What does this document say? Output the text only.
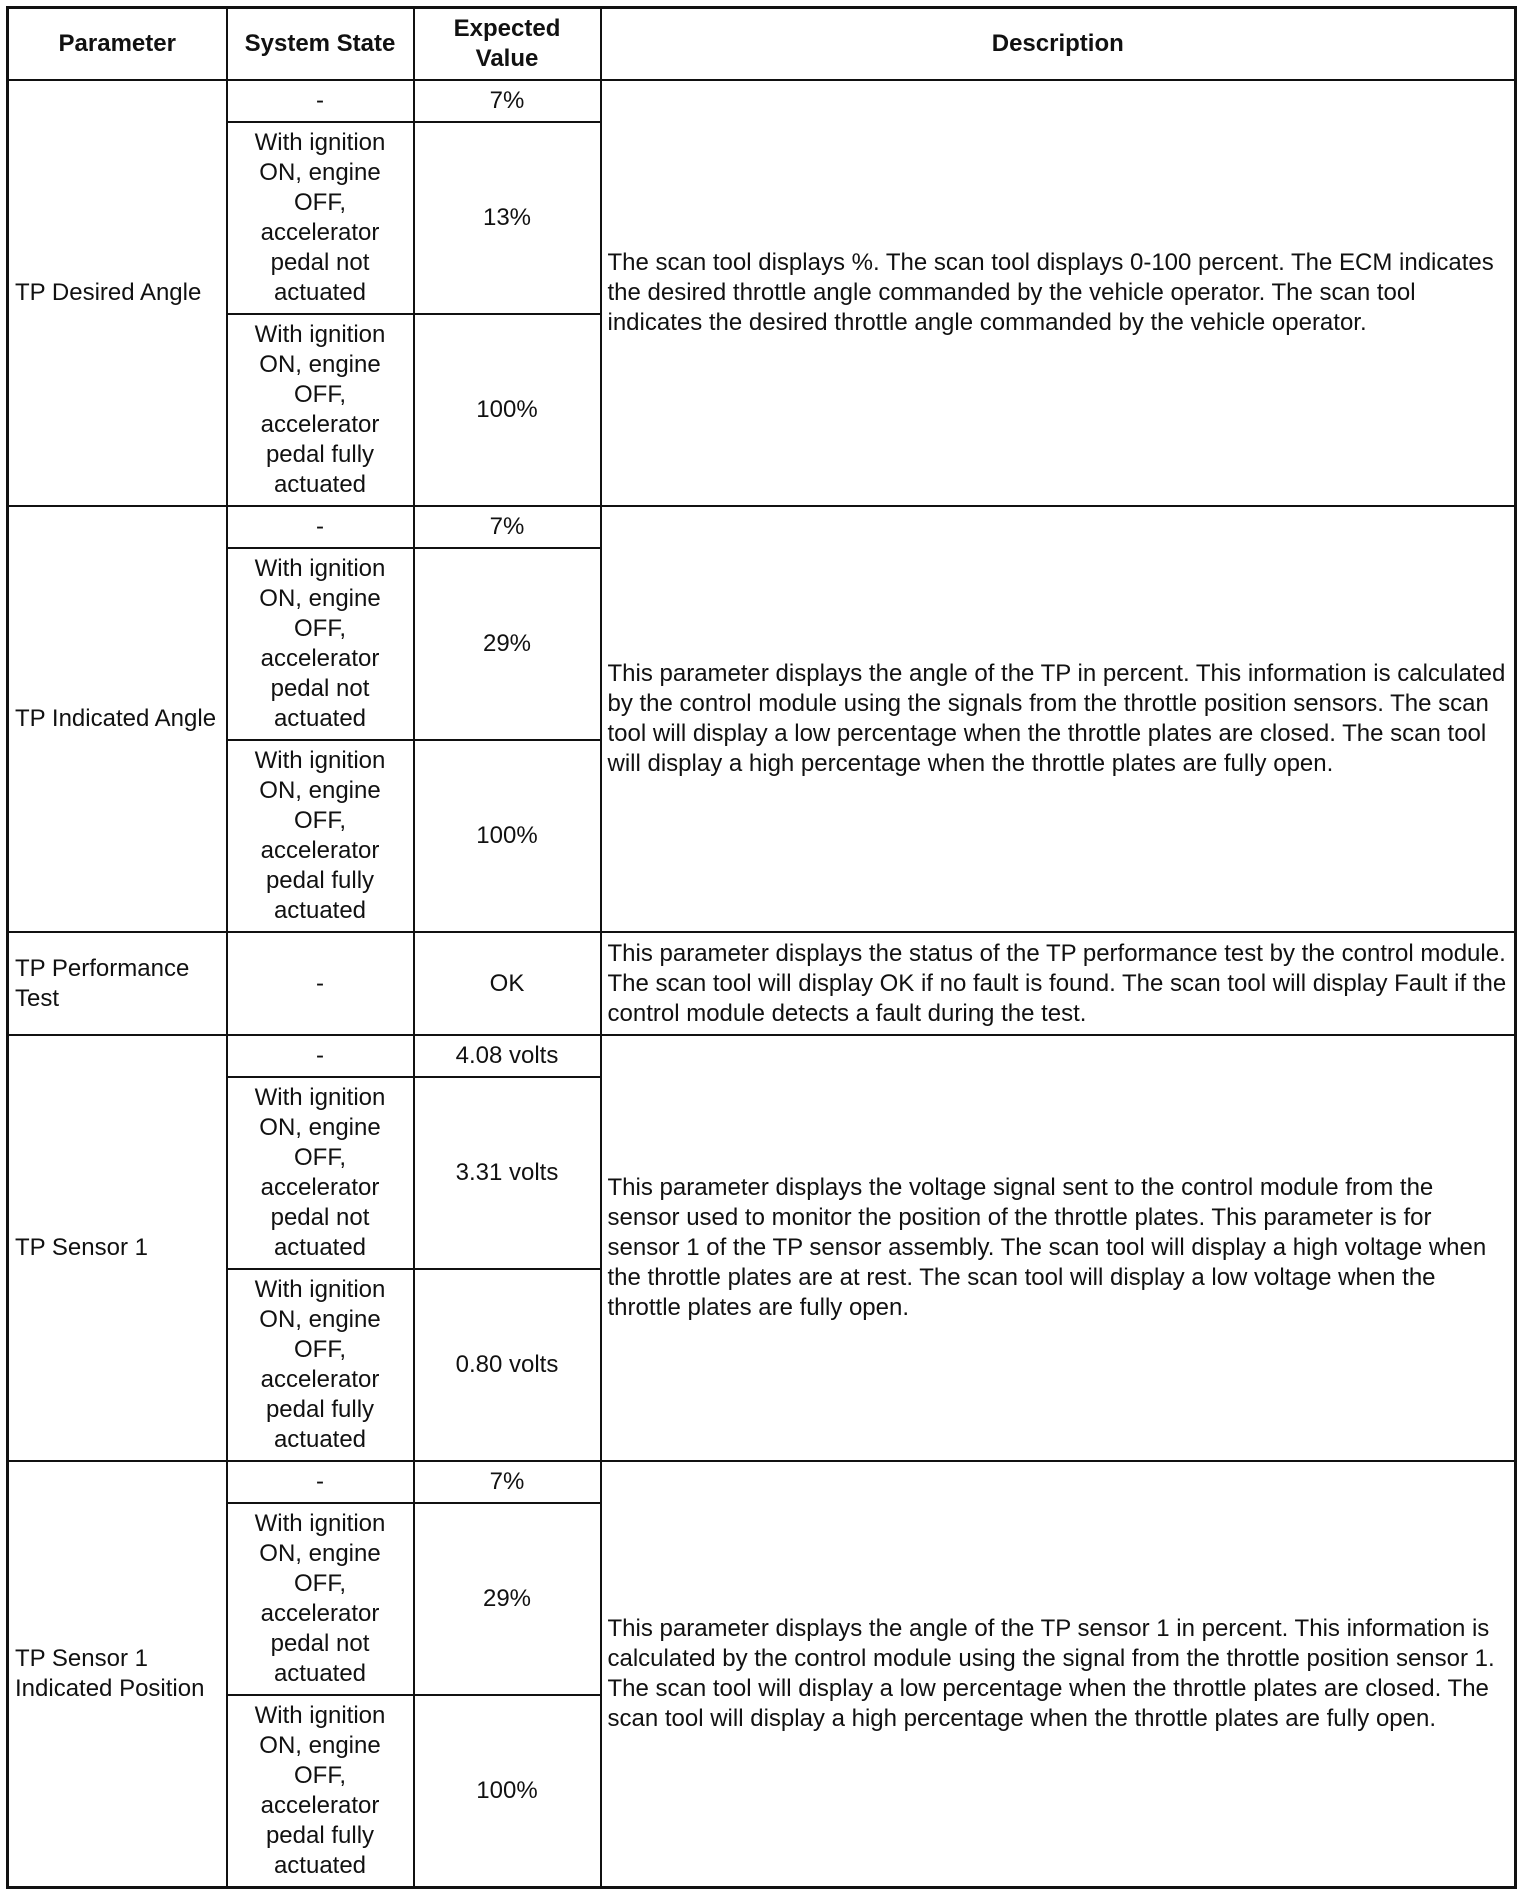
Parameter	System State	Expected Value	Description
TP Desired Angle	-	7%	The scan tool displays %. The scan tool displays 0-100 percent. The ECM indicates the desired throttle angle commanded by the vehicle operator. The scan tool indicates the desired throttle angle commanded by the vehicle operator.
	With ignition ON, engine OFF, accelerator pedal not actuated	13%	
	With ignition ON, engine OFF, accelerator pedal fully actuated	100%	
TP Indicated Angle	-	7%	This parameter displays the angle of the TP in percent. This information is calculated by the control module using the signals from the throttle position sensors. The scan tool will display a low percentage when the throttle plates are closed. The scan tool will display a high percentage when the throttle plates are fully open.
	With ignition ON, engine OFF, accelerator pedal not actuated	29%	
	With ignition ON, engine OFF, accelerator pedal fully actuated	100%	
TP Performance Test	-	OK	This parameter displays the status of the TP performance test by the control module. The scan tool will display OK if no fault is found. The scan tool will display Fault if the control module detects a fault during the test.
TP Sensor 1	-	4.08 volts	This parameter displays the voltage signal sent to the control module from the sensor used to monitor the position of the throttle plates. This parameter is for sensor 1 of the TP sensor assembly. The scan tool will display a high voltage when the throttle plates are at rest. The scan tool will display a low voltage when the throttle plates are fully open.
	With ignition ON, engine OFF, accelerator pedal not actuated	3.31 volts	
	With ignition ON, engine OFF, accelerator pedal fully actuated	0.80 volts	
TP Sensor 1 Indicated Position	-	7%	This parameter displays the angle of the TP sensor 1 in percent. This information is calculated by the control module using the signal from the throttle position sensor 1. The scan tool will display a low percentage when the throttle plates are closed. The scan tool will display a high percentage when the throttle plates are fully open.
	With ignition ON, engine OFF, accelerator pedal not actuated	29%	
	With ignition ON, engine OFF, accelerator pedal fully actuated	100%	
